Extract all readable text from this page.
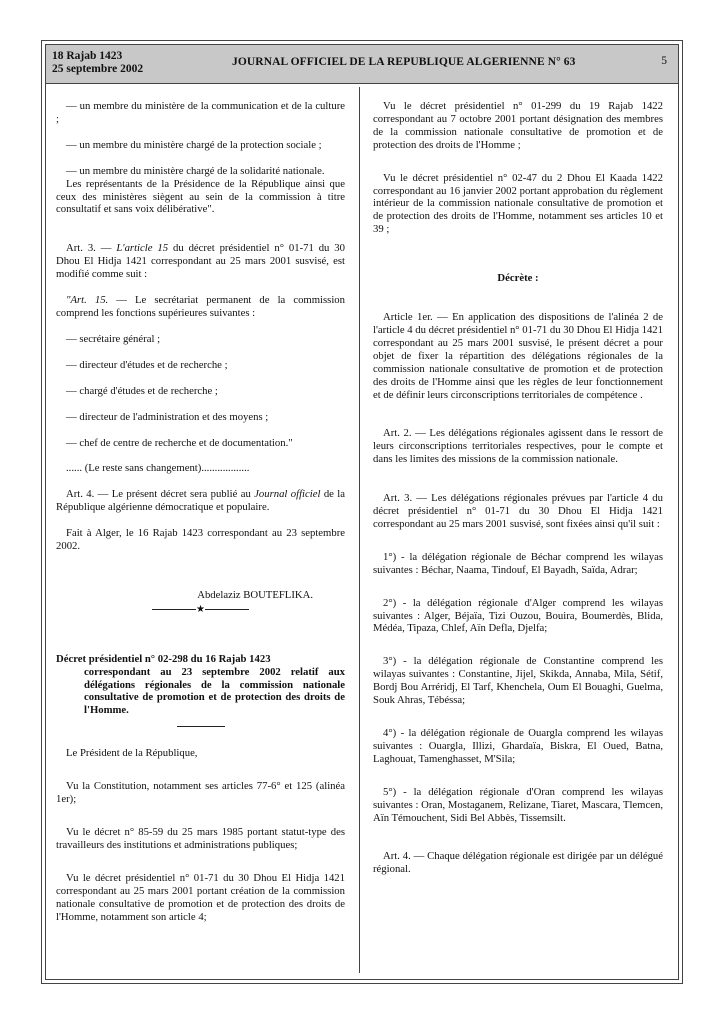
18 Rajab 1423
25 septembre 2002
JOURNAL OFFICIEL DE LA REPUBLIQUE ALGERIENNE N° 63	5

— un membre du ministère de la communication et de la culture ;

— un membre du ministère chargé de la protection sociale ;

— un membre du ministère chargé de la solidarité nationale.

Les représentants de la Présidence de la République ainsi que ceux des ministères siègent au sein de la commission à titre consultatif et sans voix délibérative".

Art. 3. — L'article 15 du décret présidentiel n° 01-71 du 30 Dhou El Hidja 1421 correspondant au 25 mars 2001 susvisé, est modifié comme suit :

"Art. 15. — Le secrétariat permanent de la commission comprend les fonctions supérieures suivantes :

— secrétaire général ;

— directeur d'études et de recherche ;

— chargé d'études et de recherche ;

— directeur de l'administration et des moyens ;

— chef de centre de recherche et de documentation."

...... (Le reste sans changement)..................

Art. 4. — Le présent décret sera publié au Journal officiel de la République algérienne démocratique et populaire.

Fait à Alger, le 16 Rajab 1423 correspondant au 23 septembre 2002.

Abdelaziz BOUTEFLIKA.

★

Décret présidentiel n° 02-298 du 16 Rajab 1423
correspondant au 23 septembre 2002 relatif aux délégations régionales de la commission nationale consultative de promotion et de protection des droits de l'Homme.

Le Président de la République,

Vu la Constitution, notamment ses articles 77-6° et 125 (alinéa 1er);

Vu le décret n° 85-59 du 25 mars 1985 portant statut-type des travailleurs des institutions et administrations publiques;

Vu le décret présidentiel n° 01-71 du 30 Dhou El Hidja 1421 correspondant au 25 mars 2001 portant création de la commission nationale consultative de promotion et de protection des droits de l'Homme, notamment son article 4;

Vu le décret présidentiel n° 01-299 du 19 Rajab 1422 correspondant au 7 octobre 2001 portant désignation des membres de la commission nationale consultative de promotion et de protection des droits de l'Homme ;

Vu le décret présidentiel n° 02-47 du 2 Dhou El Kaada 1422 correspondant au 16 janvier 2002 portant approbation du règlement intérieur de la commission nationale consultative de promotion et de protection des droits de l'Homme, notamment ses articles 10 et 39 ;

Décrète :

Article 1er. — En application des dispositions de l'alinéa 2 de l'article 4 du décret présidentiel n° 01-71 du 30 Dhou El Hidja 1421 correspondant au 25 mars 2001 susvisé, le présent décret a pour objet de fixer la répartition des délégations régionales de la commission nationale consultative de promotion et de protection des droits de l'Homme ainsi que les règles de leur fonctionnement et de définir leurs circonscriptions territoriales de compétence .

Art. 2. — Les délégations régionales agissent dans le ressort de leurs circonscriptions territoriales respectives, pour le compte et dans les limites des missions de la commission nationale.

Art. 3. — Les délégations régionales prévues par l'article 4 du décret présidentiel n° 01-71 du 30 Dhou El Hidja 1421 correspondant au 25 mars 2001 susvisé, sont fixées ainsi qu'il suit :

1°) - la délégation régionale de Béchar comprend les wilayas suivantes : Béchar, Naama, Tindouf, El Bayadh, Saïda, Adrar;

2°) - la délégation régionale d'Alger comprend les wilayas suivantes : Alger, Béjaïa, Tizi Ouzou, Bouira, Boumerdès, Blida, Médéa, Tipaza, Chlef, Aïn Defla, Djelfa;

3°) - la délégation régionale de Constantine comprend les wilayas suivantes : Constantine, Jijel, Skikda, Annaba, Mila, Sétif, Bordj Bou Arréridj, El Tarf, Khenchela, Oum El Bouaghi, Guelma, Souk Ahras, Tébéssa;

4°) - la délégation régionale de Ouargla comprend les wilayas suivantes : Ouargla, Illizi, Ghardaïa, Biskra, El Oued, Batna, Laghouat, Tamenghasset, M'Sila;

5°) - la délégation régionale d'Oran comprend les wilayas suivantes : Oran, Mostaganem, Relizane, Tiaret, Mascara, Tlemcen, Aïn Témouchent, Sidi Bel Abbès, Tissemsilt.

Art. 4. — Chaque délégation régionale est dirigée par un délégué régional.
